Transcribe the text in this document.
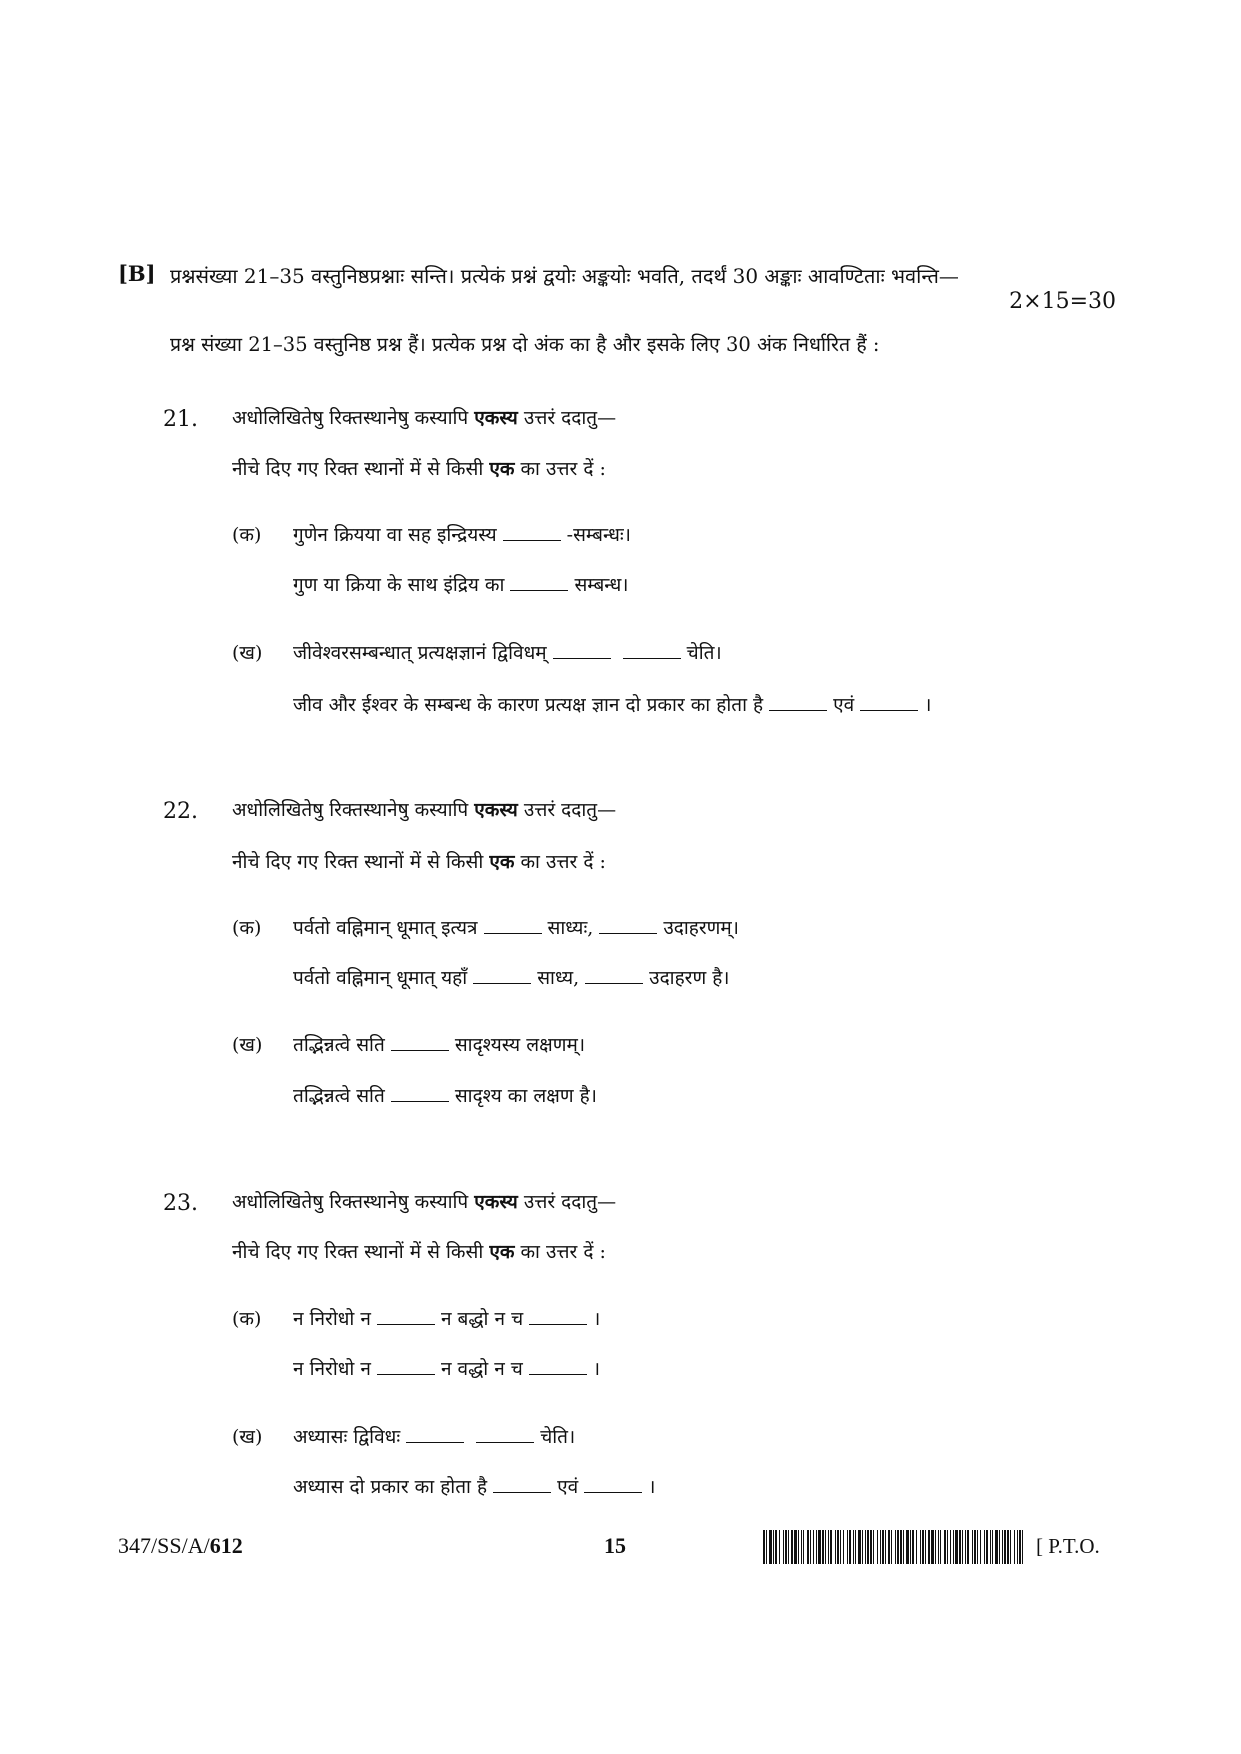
[B] प्रश्नसंख्या 21–35 वस्तुनिष्ठप्रश्नाः सन्ति। प्रत्येकं प्रश्नं द्वयोः अङ्कयोः भवति, तदर्थं 30 अङ्काः आवण्टिताः भवन्ति—
2×15=30
प्रश्न संख्या 21–35 वस्तुनिष्ठ प्रश्न हैं। प्रत्येक प्रश्न दो अंक का है और इसके लिए 30 अंक निर्धारित हैं :
21. अधोलिखितेषु रिक्तस्थानेषु कस्यापि एकस्य उत्तरं ददातु—
नीचे दिए गए रिक्त स्थानों में से किसी एक का उत्तर दें :
(क) गुणेन क्रियया वा सह इन्द्रियस्य	-सम्बन्धः।
गुण या क्रिया के साथ इंद्रिय का	सम्बन्ध।
(ख) जीवेश्वरसम्बन्धात् प्रत्यक्षज्ञानं द्विविधम्	चेति।
जीव और ईश्वर के सम्बन्ध के कारण प्रत्यक्ष ज्ञान दो प्रकार का होता है	एवं	।
22. अधोलिखितेषु रिक्तस्थानेषु कस्यापि एकस्य उत्तरं ददातु—
नीचे दिए गए रिक्त स्थानों में से किसी एक का उत्तर दें :
(क) पर्वतो वह्निमान् धूमात् इत्यत्र	साध्यः,	उदाहरणम्।
पर्वतो वह्निमान् धूमात् यहाँ	साध्य,	उदाहरण है।
(ख) तद्भिन्नत्वे सति	सादृश्यस्य लक्षणम्।
तद्भिन्नत्वे सति	सादृश्य का लक्षण है।
23. अधोलिखितेषु रिक्तस्थानेषु कस्यापि एकस्य उत्तरं ददातु—
नीचे दिए गए रिक्त स्थानों में से किसी एक का उत्तर दें :
(क) न निरोधो न	न बद्धो न च	।
न निरोधो न	न वद्धो न च	।
(ख) अध्यासः द्विविधः	चेति।
अध्यास दो प्रकार का होता है	एवं	।
347/SS/A/612	15	[ P.T.O.
